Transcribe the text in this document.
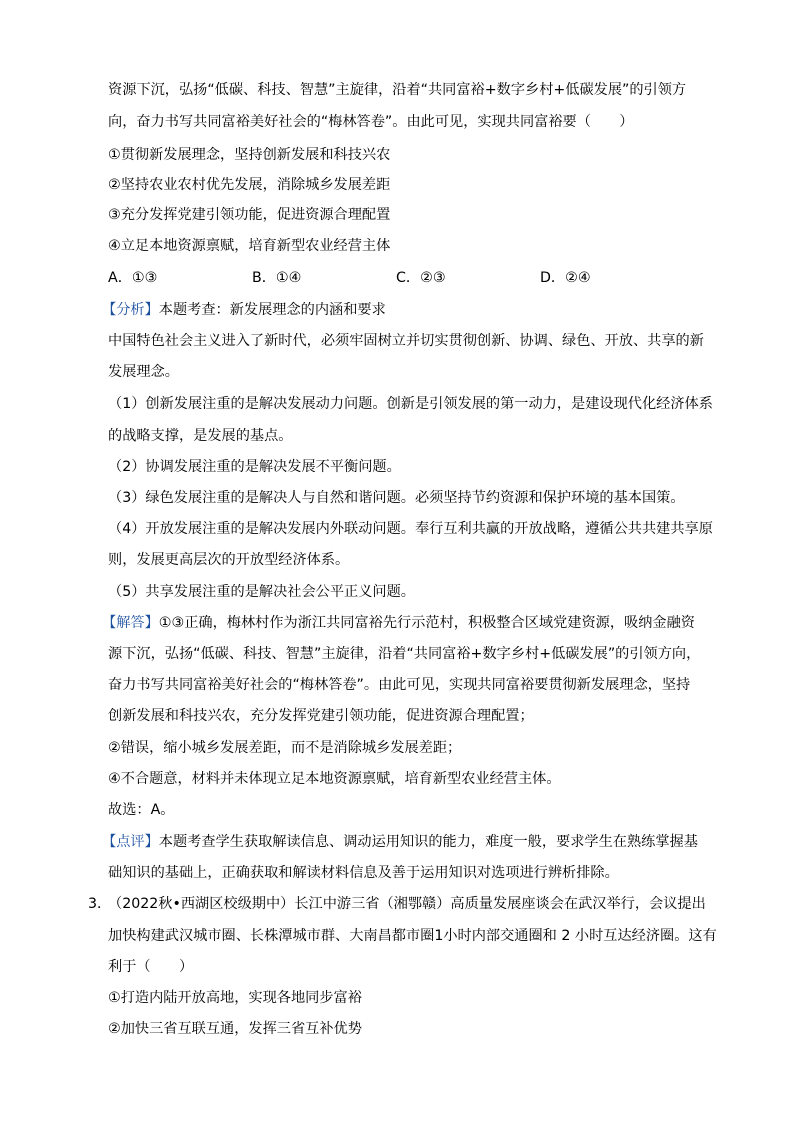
资源下沉，弘扬“低碳、科技、智慧”主旋律，沿着“共同富裕+数字乡村+低碳发展”的引领方
向，奋力书写共同富裕美好社会的“梅林答卷”。由此可见，实现共同富裕要（　　）
①贯彻新发展理念，坚持创新发展和科技兴农
②坚持农业农村优先发展，消除城乡发展差距
③充分发挥党建引领功能，促进资源合理配置
④立足本地资源禀赋，培育新型农业经营主体
A．①③	B．①④	C．②③	D．②④
【分析】本题考查：新发展理念的内涵和要求
中国特色社会主义进入了新时代，必须牢固树立并切实贯彻创新、协调、绿色、开放、共享的新
发展理念。
（1）创新发展注重的是解决发展动力问题。创新是引领发展的第一动力，是建设现代化经济体系
的战略支撑，是发展的基点。
（2）协调发展注重的是解决发展不平衡问题。
（3）绿色发展注重的是解决人与自然和谐问题。必须坚持节约资源和保护环境的基本国策。
（4）开放发展注重的是解决发展内外联动问题。奉行互利共赢的开放战略，遵循公共共建共享原
则，发展更高层次的开放型经济体系。
（5）共享发展注重的是解决社会公平正义问题。
【解答】①③正确，梅林村作为浙江共同富裕先行示范村，积极整合区域党建资源，吸纳金融资
源下沉，弘扬“低碳、科技、智慧”主旋律，沿着“共同富裕+数字乡村+低碳发展”的引领方向，
奋力书写共同富裕美好社会的“梅林答卷”。由此可见，实现共同富裕要贯彻新发展理念，坚持
创新发展和科技兴农，充分发挥党建引领功能，促进资源合理配置；
②错误，缩小城乡发展差距，而不是消除城乡发展差距；
④不合题意，材料并未体现立足本地资源禀赋，培育新型农业经营主体。
故选：A。
【点评】本题考查学生获取解读信息、调动运用知识的能力，难度一般，要求学生在熟练掌握基
础知识的基础上，正确获取和解读材料信息及善于运用知识对选项进行辨析排除。
3．
（2022秋•西湖区校级期中）长江中游三省（湘鄂赣）高质量发展座谈会在武汉举行，会议提出
加快构建武汉城市圈、长株潭城市群、大南昌都市圈1小时内部交通圈和 2 小时互达经济圈。这有
利于（　　）
①打造内陆开放高地，实现各地同步富裕
②加快三省互联互通，发挥三省互补优势
